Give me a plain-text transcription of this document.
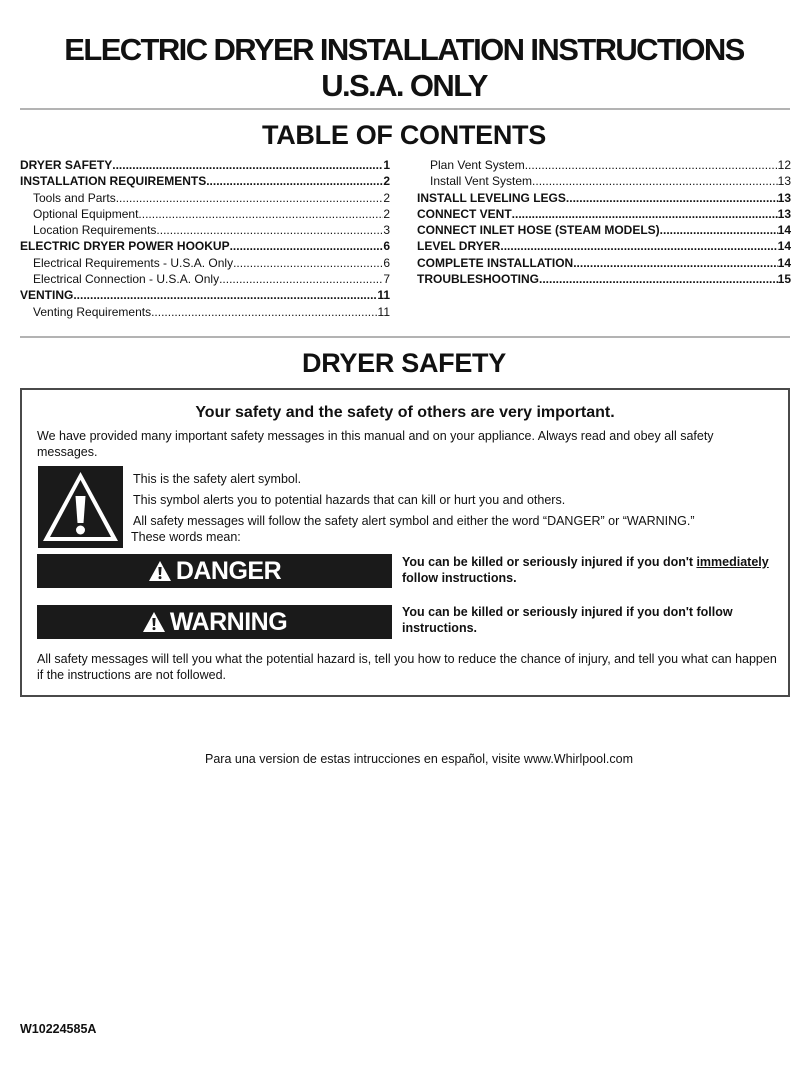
ELECTRIC DRYER INSTALLATION INSTRUCTIONS
U.S.A. ONLY
TABLE OF CONTENTS
DRYER SAFETY .....	1
INSTALLATION REQUIREMENTS .....	2
Tools and Parts .....	2
Optional Equipment .....	2
Location Requirements .....	3
ELECTRIC DRYER POWER HOOKUP .....	6
Electrical Requirements - U.S.A. Only .....	6
Electrical Connection - U.S.A. Only .....	7
VENTING .....	11
Venting Requirements .....	11
Plan Vent System .....	12
Install Vent System .....	13
INSTALL LEVELING LEGS .....	13
CONNECT VENT .....	13
CONNECT INLET HOSE (STEAM MODELS) .....	14
LEVEL DRYER .....	14
COMPLETE INSTALLATION .....	14
TROUBLESHOOTING .....	15
DRYER SAFETY
Your safety and the safety of others are very important.
We have provided many important safety messages in this manual and on your appliance. Always read and obey all safety messages.
This is the safety alert symbol.
This symbol alerts you to potential hazards that can kill or hurt you and others.
All safety messages will follow the safety alert symbol and either the word “DANGER” or “WARNING.”
These words mean:
DANGER	You can be killed or seriously injured if you don't immediately
follow instructions.
WARNING	You can be killed or seriously injured if you don't follow
instructions.
All safety messages will tell you what the potential hazard is, tell you how to reduce the chance of injury, and tell you what can happen if the instructions are not followed.
Para una version de estas intrucciones en español, visite www.Whirlpool.com
W10224585A
